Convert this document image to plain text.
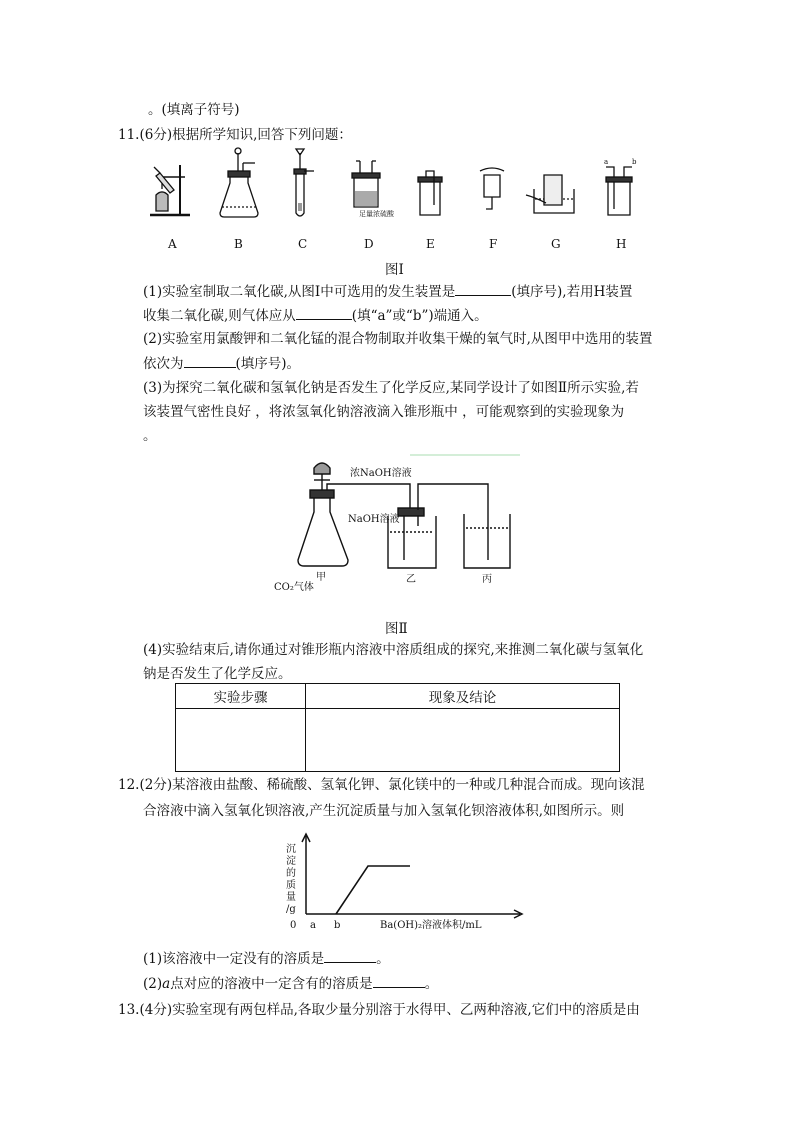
。(填离子符号)
11.(6分)根据所学知识,回答下列问题：
足量浓硫酸
a	b
A	B	C	D	E	F	G	H
图Ⅰ
(1)实验室制取二氧化碳,从图Ⅰ中可选用的发生装置是	(填序号),若用H装置
收集二氧化碳,则气体应从	(填“a”或“b”)端通入。
(2)实验室用氯酸钾和二氧化锰的混合物制取并收集干燥的氧气时,从图甲中选用的装置
依次为	(填序号)。
(3)为探究二氧化碳和氢氧化钠是否发生了化学反应,某同学设计了如图Ⅱ所示实验,若
该装置气密性良好 ，将浓氢氧化钠溶液滴入锥形瓶中 ，可能观察到的实验现象为
。
浓NaOH溶液
NaOH溶液
CO₂气体
甲	乙	丙
图Ⅱ
(4)实验结束后,请你通过对锥形瓶内溶液中溶质组成的探究,来推测二氧化碳与氢氧化
钠是否发生了化学反应。
实验步骤	现象及结论

12.(2分)某溶液由盐酸、稀硫酸、氢氧化钾、氯化镁中的一种或几种混合而成。现向该混
合溶液中滴入氢氧化钡溶液,产生沉淀质量与加入氢氧化钡溶液体积,如图所示。则
沉
淀
的
质
量
/g
0 a b	Ba(OH)₂溶液体积/mL
(1)该溶液中一定没有的溶质是	。
(2)a点对应的溶液中一定含有的溶质是	。
13.(4分)实验室现有两包样品,各取少量分别溶于水得甲、乙两种溶液,它们中的溶质是由
